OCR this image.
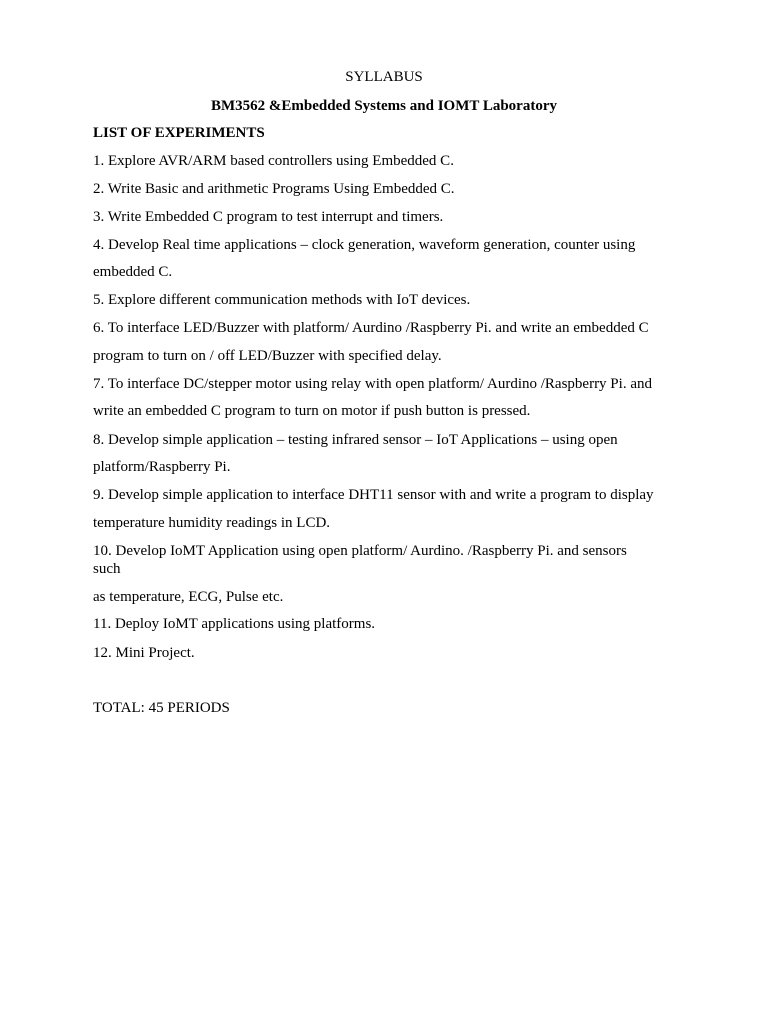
SYLLABUS
BM3562 &Embedded Systems and IOMT Laboratory
LIST OF EXPERIMENTS
1. Explore AVR/ARM based controllers using Embedded C.
2. Write Basic and arithmetic Programs Using Embedded C.
3. Write Embedded C program to test interrupt and timers.
4. Develop Real time applications – clock generation, waveform generation, counter using
embedded C.
5. Explore different communication methods with IoT devices.
6. To interface LED/Buzzer with platform/ Aurdino /Raspberry Pi. and write an embedded C
program to turn on / off LED/Buzzer with specified delay.
7. To interface DC/stepper motor using relay with open platform/ Aurdino /Raspberry Pi. and
write an embedded C program to turn on motor if push button is pressed.
8. Develop simple application – testing infrared sensor – IoT Applications – using open
platform/Raspberry Pi.
9. Develop simple application to interface DHT11 sensor with and write a program to display
temperature humidity readings in LCD.
10. Develop IoMT Application using open platform/ Aurdino. /Raspberry Pi. and sensors
such
as temperature, ECG, Pulse etc.
11. Deploy IoMT applications using platforms.
12. Mini Project.
TOTAL: 45 PERIODS
